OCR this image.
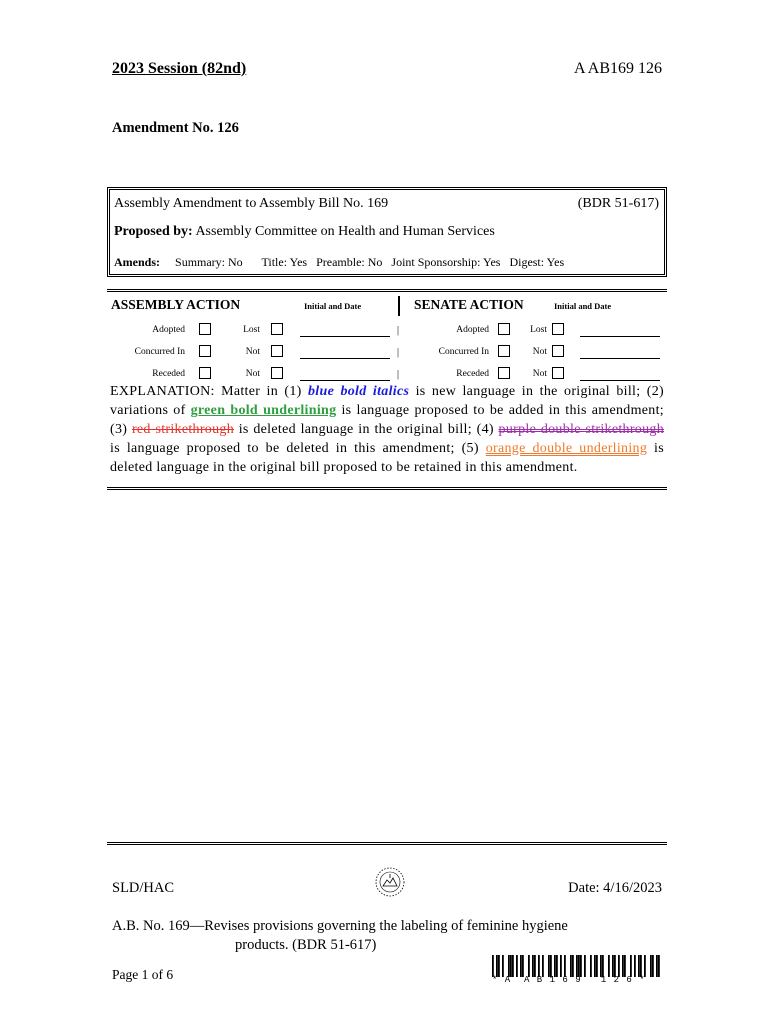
2023 Session (82nd)	A AB169 126
Amendment No. 126
Assembly Amendment to Assembly Bill No. 169	(BDR 51-617)
Proposed by: Assembly Committee on Health and Human Services
Amends: Summary: No Title: Yes Preamble: No Joint Sponsorship: Yes Digest: Yes
ASSEMBLY ACTION	Initial and Date	SENATE ACTION	Initial and Date
Adopted	Lost	|	Adopted	Lost
Concurred In	Not	|	Concurred In	Not
Receded	Not	|	Receded	Not
EXPLANATION: Matter in (1) blue bold italics is new language in the original bill; (2) variations of green bold underlining is language proposed to be added in this amendment; (3) red strikethrough is deleted language in the original bill; (4) purple double strikethrough is language proposed to be deleted in this amendment; (5) orange double underlining is deleted language in the original bill proposed to be retained in this amendment.
SLD/HAC	Date: 4/16/2023
A.B. No. 169—Revises provisions governing the labeling of feminine hygiene
products. (BDR 51-617)
Page 1 of 6	* A  A B 1 6 9   1 2 6 *
